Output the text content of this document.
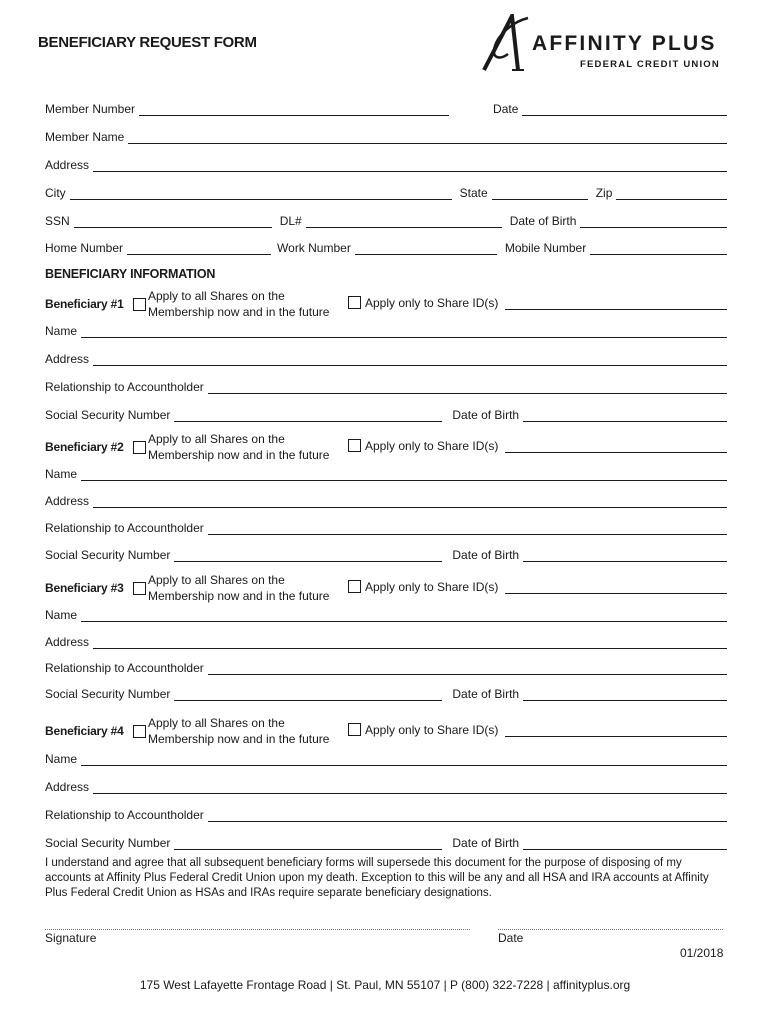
BENEFICIARY REQUEST FORM	AFFINITY PLUS
FEDERAL CREDIT UNION
Member Number	Date
Member Name
Address
City	State	Zip
SSN	DL#	Date of Birth
Home Number	Work Number	Mobile Number
BENEFICIARY INFORMATION
Beneficiary #1
Apply to all Shares on the
Membership now and in the future
Apply only to Share ID(s)
Name
Address
Relationship to Accountholder
Social Security Number	Date of Birth
Beneficiary #2
Apply to all Shares on the
Membership now and in the future
Apply only to Share ID(s)
Name
Address
Relationship to Accountholder
Social Security Number	Date of Birth
Beneficiary #3
Apply to all Shares on the
Membership now and in the future
Apply only to Share ID(s)
Name
Address
Relationship to Accountholder
Social Security Number	Date of Birth
Beneficiary #4
Apply to all Shares on the
Membership now and in the future
Apply only to Share ID(s)
Name
Address
Relationship to Accountholder
Social Security Number	Date of Birth
I understand and agree that all subsequent beneficiary forms will supersede this document for the purpose of disposing of my accounts at Affinity Plus Federal Credit Union upon my death. Exception to this will be any and all HSA and IRA accounts at Affinity Plus Federal Credit Union as HSAs and IRAs require separate beneficiary designations.
Signature	Date
01/2018
175 West Lafayette Frontage Road | St. Paul, MN 55107 | P (800) 322-7228 | affinityplus.org
